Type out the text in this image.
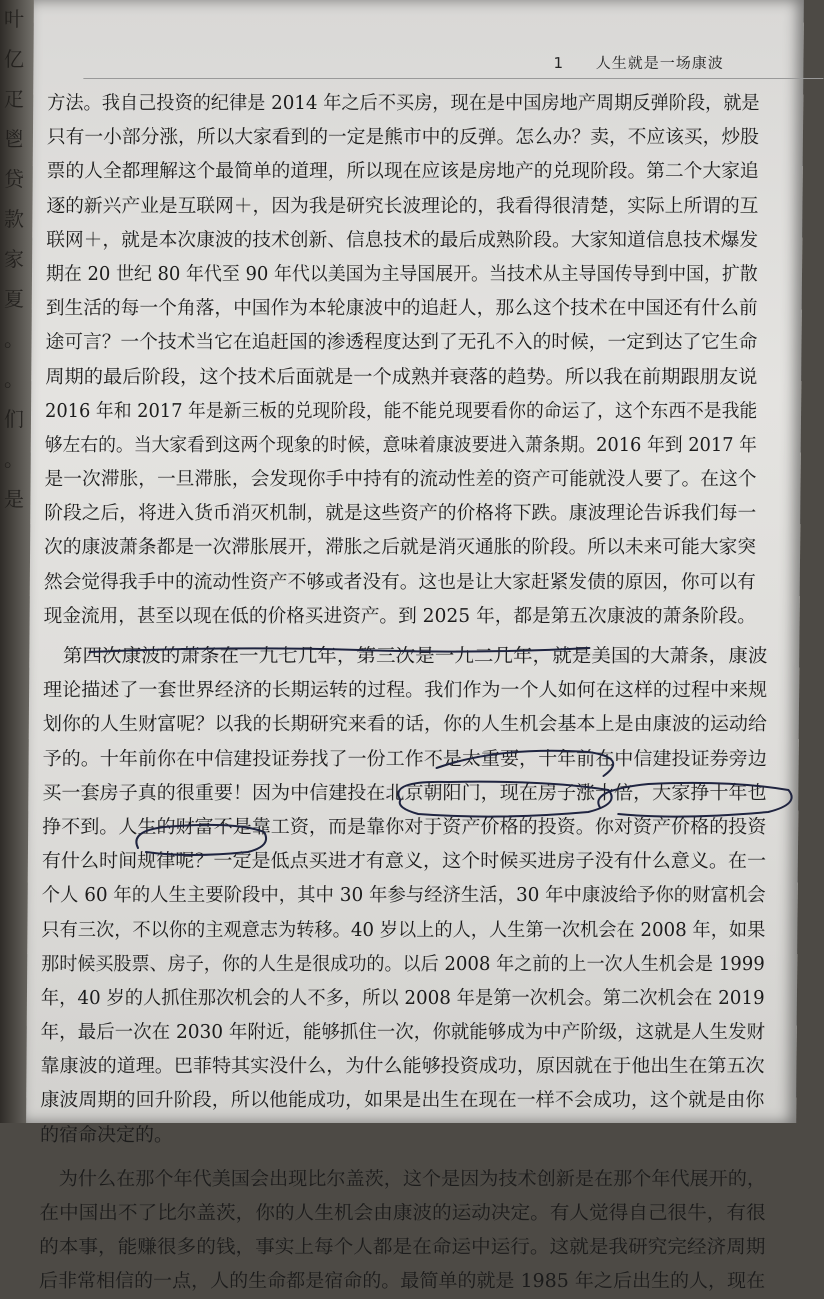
叶
亿
疋
鬯
贷
款
家
夏
。
。
们
。
是
1 人生就是一场康波
方法。我自己投资的纪律是 2014 年之后不买房，现在是中国房地产周期反弹阶段，就是
只有一小部分涨，所以大家看到的一定是熊市中的反弹。怎么办？卖，不应该买，炒股
票的人全都理解这个最简单的道理，所以现在应该是房地产的兑现阶段。第二个大家追
逐的新兴产业是互联网＋，因为我是研究长波理论的，我看得很清楚，实际上所谓的互
联网＋，就是本次康波的技术创新、信息技术的最后成熟阶段。大家知道信息技术爆发
期在 20 世纪 80 年代至 90 年代以美国为主导国展开。当技术从主导国传导到中国，扩散
到生活的每一个角落，中国作为本轮康波中的追赶人，那么这个技术在中国还有什么前
途可言？一个技术当它在追赶国的渗透程度达到了无孔不入的时候，一定到达了它生命
周期的最后阶段，这个技术后面就是一个成熟并衰落的趋势。所以我在前期跟朋友说
2016 年和 2017 年是新三板的兑现阶段，能不能兑现要看你的命运了，这个东西不是我能
够左右的。当大家看到这两个现象的时候，意味着康波要进入萧条期。2016 年到 2017 年
是一次滞胀，一旦滞胀，会发现你手中持有的流动性差的资产可能就没人要了。在这个
阶段之后，将进入货币消灭机制，就是这些资产的价格将下跌。康波理论告诉我们每一
次的康波萧条都是一次滞胀展开，滞胀之后就是消灭通胀的阶段。所以未来可能大家突
然会觉得我手中的流动性资产不够或者没有。这也是让大家赶紧发债的原因，你可以有
现金流用，甚至以现在低的价格买进资产。到 2025 年，都是第五次康波的萧条阶段。
　第四次康波的萧条在一九七几年，第三次是一九二几年，就是美国的大萧条，康波
理论描述了一套世界经济的长期运转的过程。我们作为一个人如何在这样的过程中来规
划你的人生财富呢？以我的长期研究来看的话，你的人生机会基本上是由康波的运动给
予的。十年前你在中信建投证券找了一份工作不是太重要，十年前在中信建投证券旁边
买一套房子真的很重要！因为中信建投在北京朝阳门，现在房子涨十倍，大家挣十年也
挣不到。人生的财富不是靠工资，而是靠你对于资产价格的投资。你对资产价格的投资
有什么时间规律呢？一定是低点买进才有意义，这个时候买进房子没有什么意义。在一
个人 60 年的人生主要阶段中，其中 30 年参与经济生活，30 年中康波给予你的财富机会
只有三次，不以你的主观意志为转移。40 岁以上的人，人生第一次机会在 2008 年，如果
那时候买股票、房子，你的人生是很成功的。以后 2008 年之前的上一次人生机会是 1999
年，40 岁的人抓住那次机会的人不多，所以 2008 年是第一次机会。第二次机会在 2019
年，最后一次在 2030 年附近，能够抓住一次，你就能够成为中产阶级，这就是人生发财
靠康波的道理。巴菲特其实没什么，为什么能够投资成功，原因就在于他出生在第五次
康波周期的回升阶段，所以他能成功，如果是出生在现在一样不会成功，这个就是由你
的宿命决定的。
　为什么在那个年代美国会出现比尔盖茨，这个是因为技术创新是在那个年代展开的，
在中国出不了比尔盖茨，你的人生机会由康波的运动决定。有人觉得自己很牛，有很
的本事，能赚很多的钱，事实上每个人都是在命运中运行。这就是我研究完经济周期
后非常相信的一点，人的生命都是宿命的。最简单的就是 1985 年之后出生的人，现在
